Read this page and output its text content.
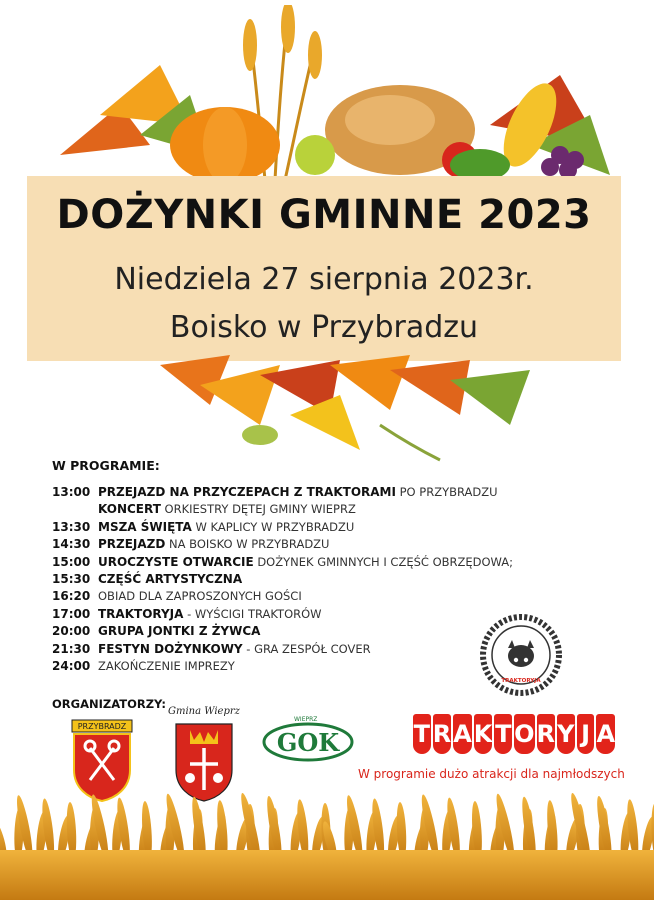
DOŻYNKI GMINNE 2023
Niedziela 27 sierpnia 2023r.
Boisko w Przybradzu
W PROGRAMIE:
13:00 PRZEJAZD NA PRZYCZEPACH Z TRAKTORAMI PO PRZYBRADZU
KONCERT ORKIESTRY DĘTEJ GMINY WIEPRZ
13:30 MSZA ŚWIĘTA W KAPLICY W PRZYBRADZU
14:30 PRZEJAZD NA BOISKO W PRZYBRADZU
15:00 UROCZYSTE OTWARCIE DOŻYNEK GMINNYCH I CZĘŚĆ OBRZĘDOWA;
15:30 CZĘŚĆ ARTYSTYCZNA
16:20 OBIAD DLA ZAPROSZONYCH GOŚCI
17:00 TRAKTORYJA - WYŚCIGI TRAKTORÓW
20:00 GRUPA JONTKI Z ŻYWCA
21:30 FESTYN DOŻYNKOWY - GRA ZESPÓŁ COVER
24:00 ZAKOŃCZENIE IMPREZY
TRAKTORYJA
ORGANIZATORZY:
PRZYBRADZ
Gmina Wieprz
WIEPRZ
GOK	T R A K T O R Y J A
W programie dużo atrakcji dla najmłodszych
